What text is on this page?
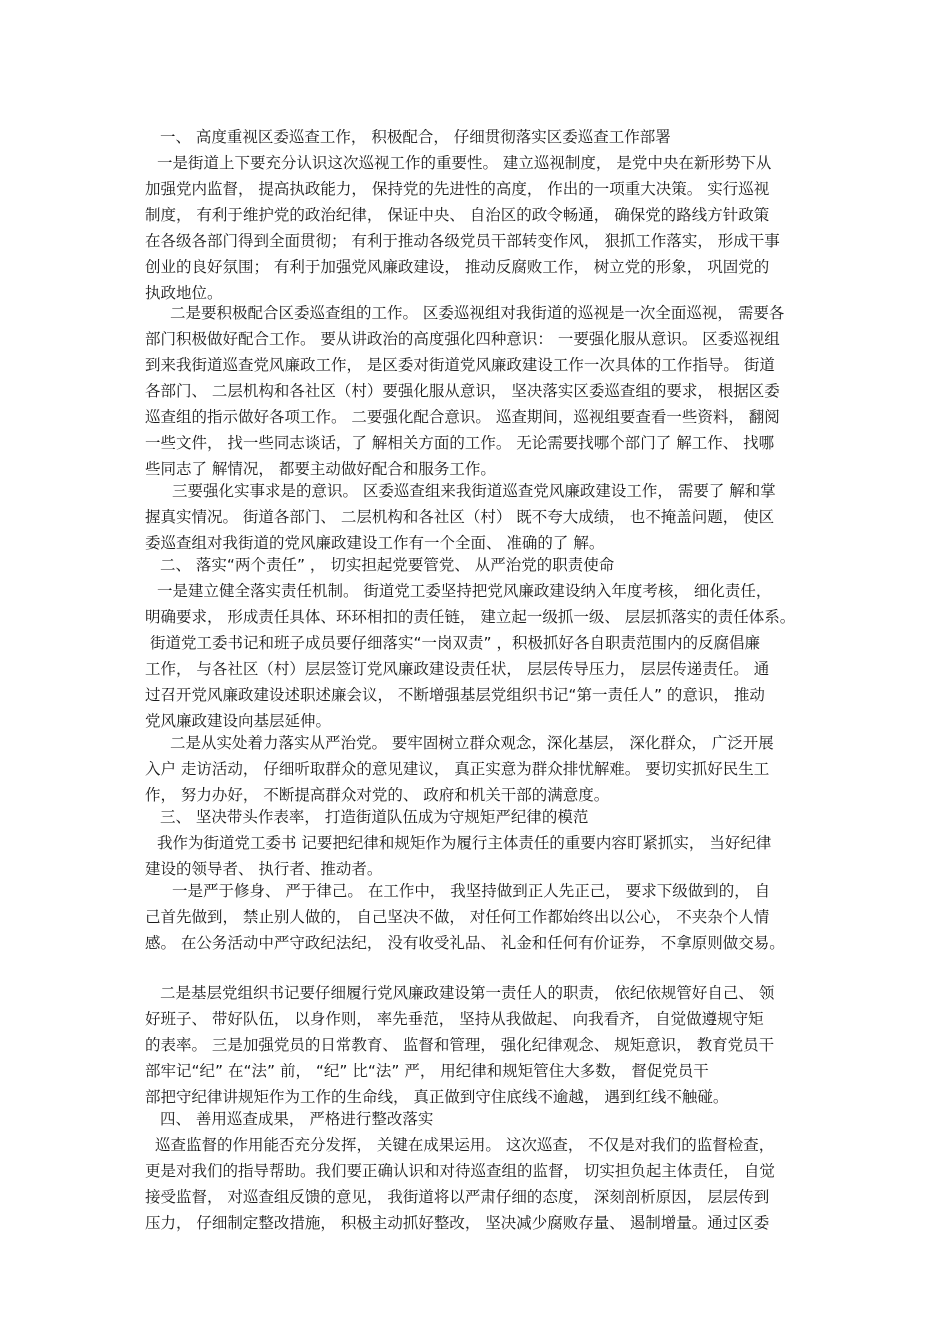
一、 高度重视区委巡查工作， 积极配合， 仔细贯彻落实区委巡查工作部署
一是街道上下要充分认识这次巡视工作的重要性。 建立巡视制度， 是党中央在新形势下从
加强党内监督， 提高执政能力， 保持党的先进性的高度， 作出的一项重大决策。 实行巡视
制度， 有利于维护党的政治纪律， 保证中央、 自治区的政令畅通， 确保党的路线方针政策
在各级各部门得到全面贯彻； 有利于推动各级党员干部转变作风， 狠抓工作落实， 形成干事
创业的良好氛围； 有利于加强党风廉政建设， 推动反腐败工作， 树立党的形象， 巩固党的
执政地位。
二是要积极配合区委巡查组的工作。 区委巡视组对我街道的巡视是一次全面巡视， 需要各
部门积极做好配合工作。 要从讲政治的高度强化四种意识： 一要强化服从意识。 区委巡视组
到来我街道巡查党风廉政工作， 是区委对街道党风廉政建设工作一次具体的工作指导。 街道
各部门、 二层机构和各社区（村）要强化服从意识， 坚决落实区委巡查组的要求， 根据区委
巡查组的指示做好各项工作。 二要强化配合意识。 巡查期间，巡视组要查看一些资料， 翻阅
一些文件， 找一些同志谈话，了 解相关方面的工作。 无论需要找哪个部门了 解工作、 找哪
些同志了 解情况， 都要主动做好配合和服务工作。
三要强化实事求是的意识。 区委巡查组来我街道巡查党风廉政建设工作， 需要了 解和掌
握真实情况。 街道各部门、 二层机构和各社区（村） 既不夸大成绩， 也不掩盖问题， 使区
委巡查组对我街道的党风廉政建设工作有一个全面、 准确的了 解。
二、 落实“两个责任” ， 切实担起党要管党、 从严治党的职责使命
一是建立健全落实责任机制。 街道党工委坚持把党风廉政建设纳入年度考核， 细化责任，
明确要求， 形成责任具体、环环相扣的责任链， 建立起一级抓一级、 层层抓落实的责任体系。
街道党工委书记和班子成员要仔细落实“一岗双责” ，积极抓好各自职责范围内的反腐倡廉
工作， 与各社区（村）层层签订党风廉政建设责任状， 层层传导压力， 层层传递责任。 通
过召开党风廉政建设述职述廉会议， 不断增强基层党组织书记“第一责任人” 的意识， 推动
党风廉政建设向基层延伸。
二是从实处着力落实从严治党。 要牢固树立群众观念，深化基层， 深化群众， 广泛开展
入户 走访活动， 仔细听取群众的意见建议， 真正实意为群众排忧解难。 要切实抓好民生工
作， 努力办好， 不断提高群众对党的、 政府和机关干部的满意度。
三、 坚决带头作表率， 打造街道队伍成为守规矩严纪律的模范
我作为街道党工委书 记要把纪律和规矩作为履行主体责任的重要内容盯紧抓实， 当好纪律
建设的领导者、 执行者、推动者。
一是严于修身、 严于律己。 在工作中， 我坚持做到正人先正己， 要求下级做到的， 自
己首先做到， 禁止别人做的， 自己坚决不做， 对任何工作都始终出以公心， 不夹杂个人情
感。 在公务活动中严守政纪法纪， 没有收受礼品、 礼金和任何有价证券， 不拿原则做交易。
二是基层党组织书记要仔细履行党风廉政建设第一责任人的职责， 依纪依规管好自己、 领
好班子、 带好队伍， 以身作则， 率先垂范， 坚持从我做起、 向我看齐， 自觉做遵规守矩
的表率。 三是加强党员的日常教育、 监督和管理， 强化纪律观念、 规矩意识， 教育党员干
部牢记“纪” 在“法” 前， “纪” 比“法” 严， 用纪律和规矩管住大多数， 督促党员干
部把守纪律讲规矩作为工作的生命线， 真正做到守住底线不逾越， 遇到红线不触碰。
四、 善用巡查成果， 严格进行整改落实
巡查监督的作用能否充分发挥， 关键在成果运用。 这次巡查， 不仅是对我们的监督检查，
更是对我们的指导帮助。我们要正确认识和对待巡查组的监督， 切实担负起主体责任， 自觉
接受监督， 对巡查组反馈的意见， 我街道将以严肃仔细的态度， 深刻剖析原因， 层层传到
压力， 仔细制定整改措施， 积极主动抓好整改， 坚决减少腐败存量、 遏制增量。通过区委
